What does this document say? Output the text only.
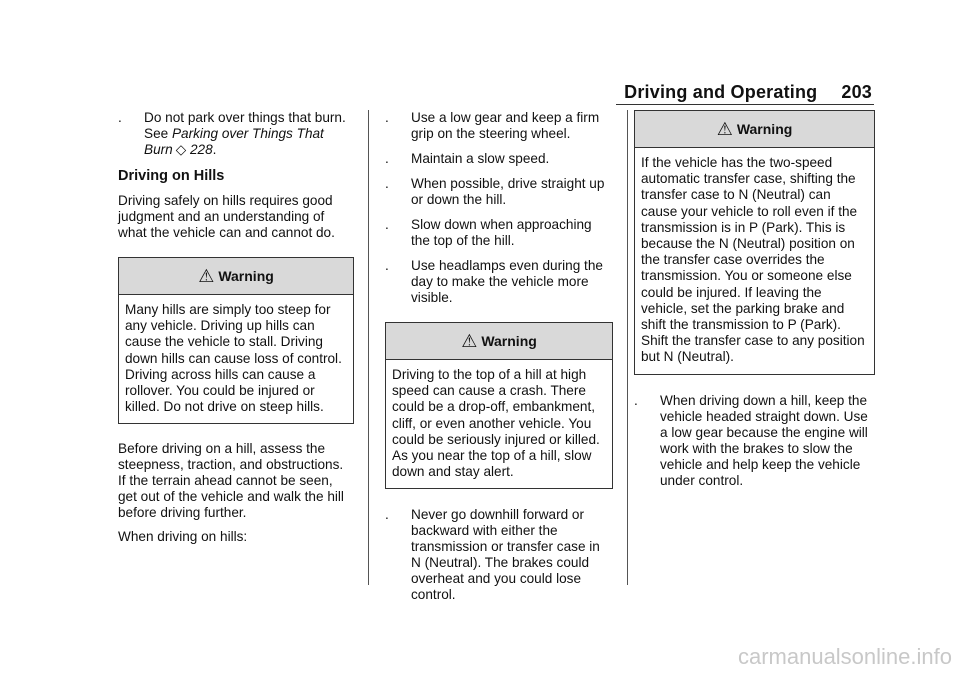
Driving and Operating 203
. Do not park over things that burn. See Parking over Things That Burn ◇ 228.
Driving on Hills

Driving safely on hills requires good judgment and an understanding of what the vehicle can and cannot do.

⚠ Warning
Many hills are simply too steep for any vehicle. Driving up hills can cause the vehicle to stall. Driving down hills can cause loss of control. Driving across hills can cause a rollover. You could be injured or killed. Do not drive on steep hills.

Before driving on a hill, assess the steepness, traction, and obstructions. If the terrain ahead cannot be seen, get out of the vehicle and walk the hill before driving further.

When driving on hills:

. Use a low gear and keep a firm grip on the steering wheel.
. Maintain a slow speed.
. When possible, drive straight up or down the hill.
. Slow down when approaching the top of the hill.
. Use headlamps even during the day to make the vehicle more visible.
⚠ Warning
Driving to the top of a hill at high speed can cause a crash. There could be a drop-off, embankment, cliff, or even another vehicle. You could be seriously injured or killed. As you near the top of a hill, slow down and stay alert.
. Never go downhill forward or backward with either the transmission or transfer case in N (Neutral). The brakes could overheat and you could lose control.
⚠ Warning
If the vehicle has the two-speed automatic transfer case, shifting the transfer case to N (Neutral) can cause your vehicle to roll even if the transmission is in P (Park). This is because the N (Neutral) position on the transfer case overrides the transmission. You or someone else could be injured. If leaving the vehicle, set the parking brake and shift the transmission to P (Park). Shift the transfer case to any position but N (Neutral).
. When driving down a hill, keep the vehicle headed straight down. Use a low gear because the engine will work with the brakes to slow the vehicle and help keep the vehicle under control.
carmanualsonline.info
